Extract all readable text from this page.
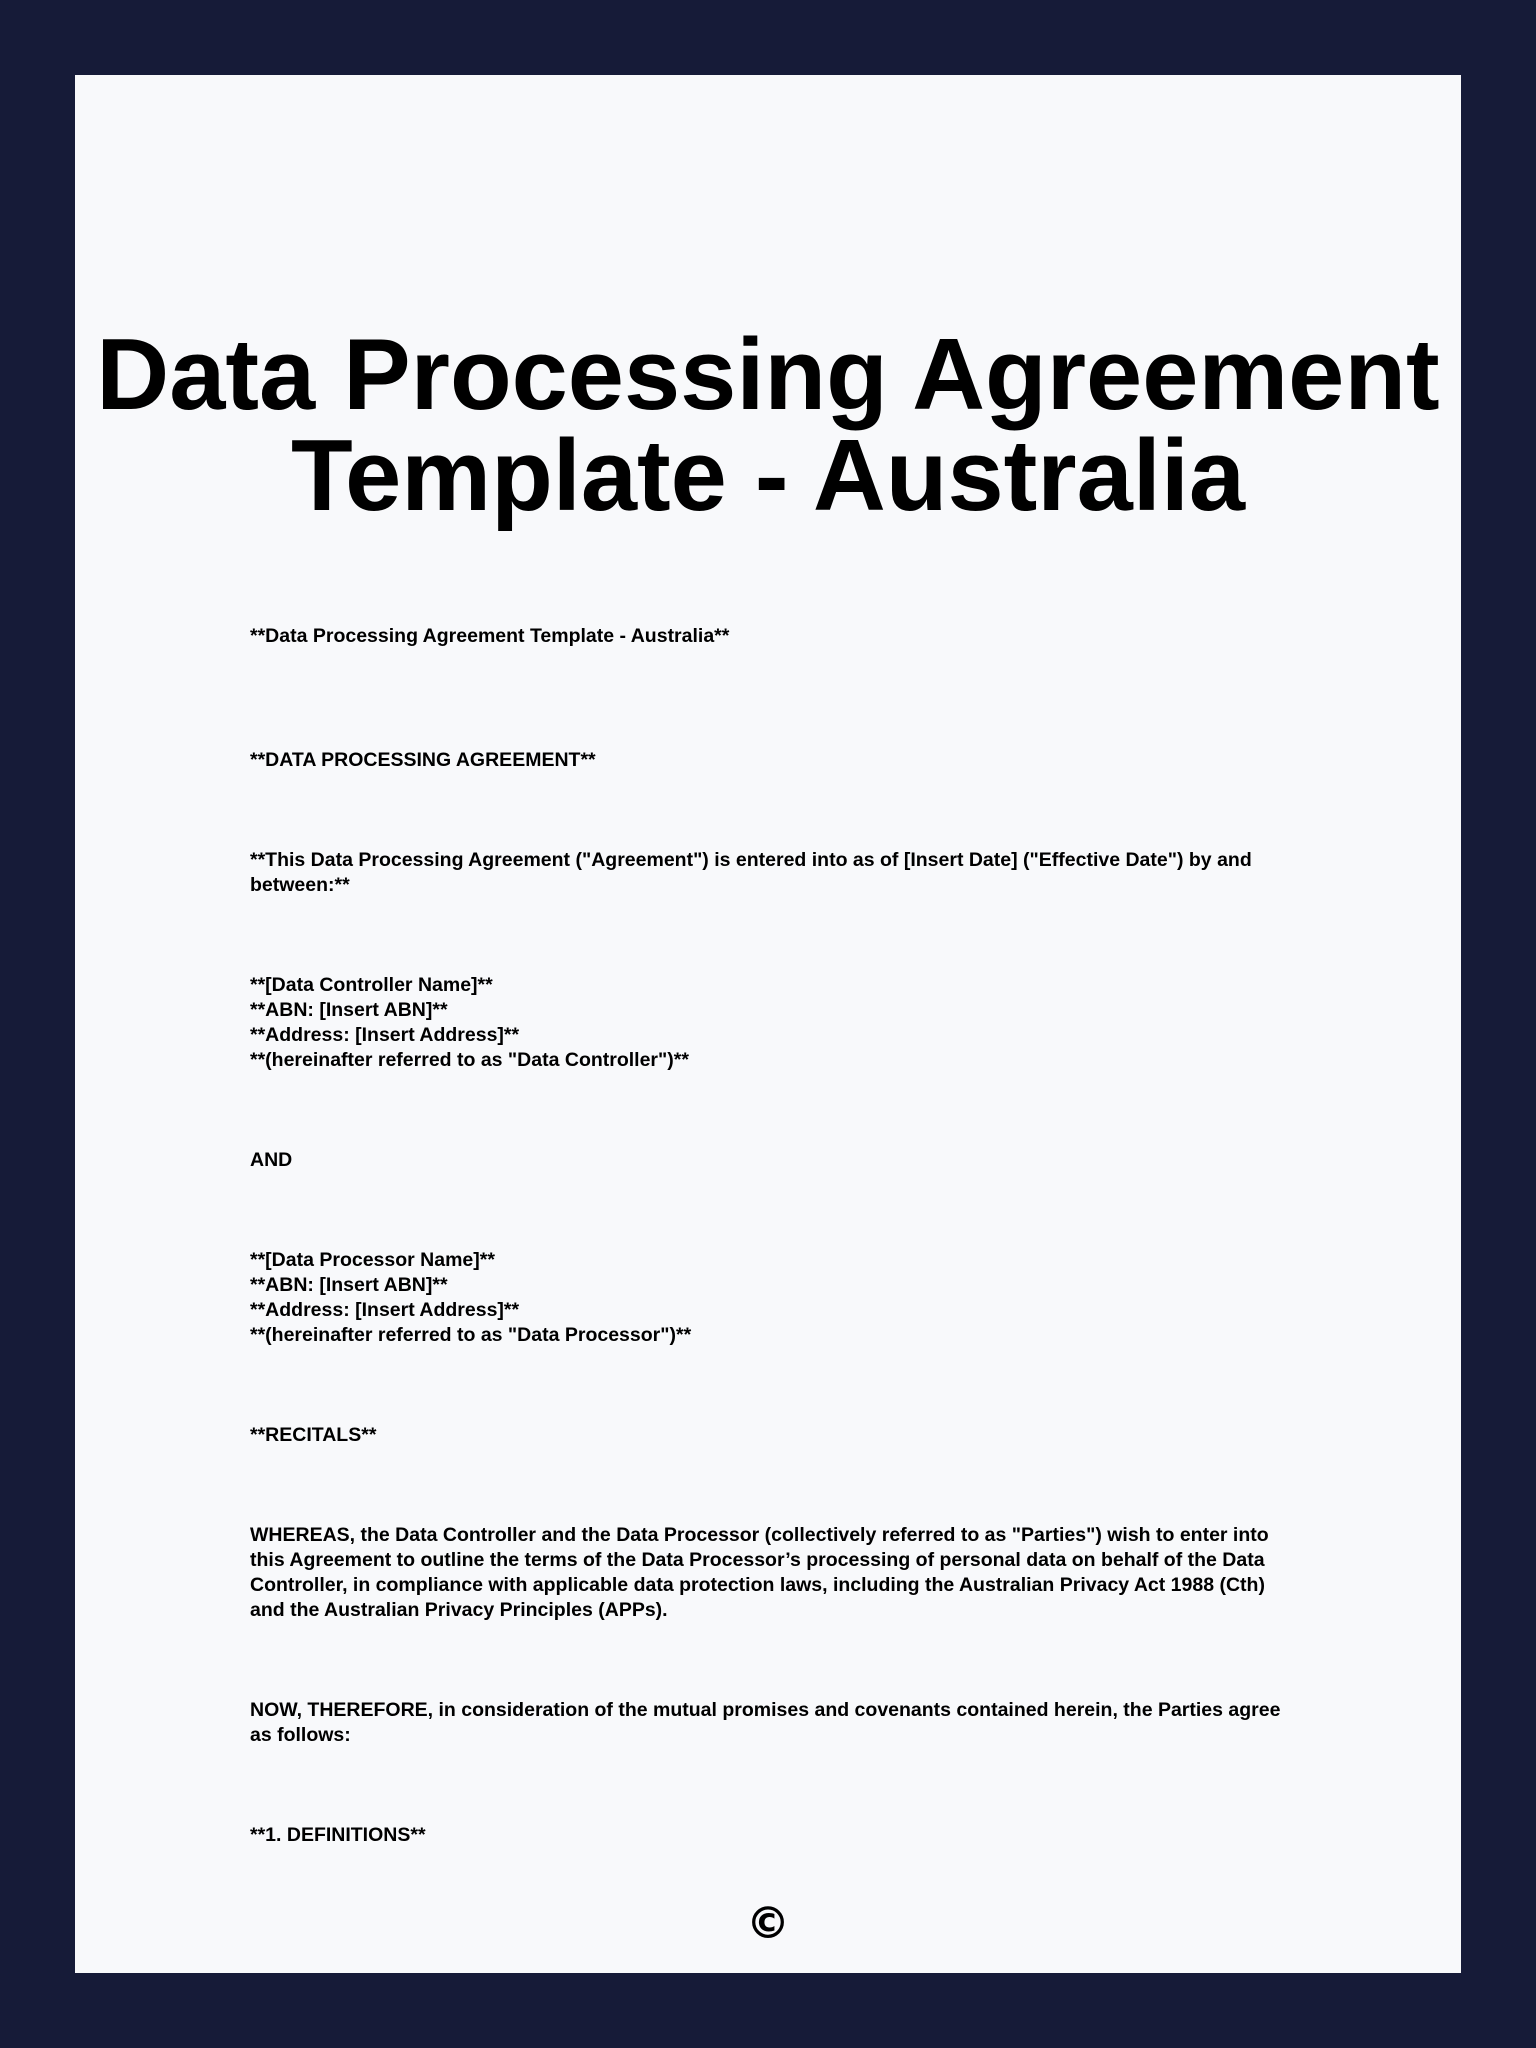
Data Processing Agreement Template - Australia

**Data Processing Agreement Template - Australia**

**DATA PROCESSING AGREEMENT**

**This Data Processing Agreement ("Agreement") is entered into as of [Insert Date] ("Effective Date") by and between:**

**[Data Controller Name]**
**ABN: [Insert ABN]**
**Address: [Insert Address]**
**(hereinafter referred to as "Data Controller")**

AND

**[Data Processor Name]**
**ABN: [Insert ABN]**
**Address: [Insert Address]**
**(hereinafter referred to as "Data Processor")**

**RECITALS**

WHEREAS, the Data Controller and the Data Processor (collectively referred to as "Parties") wish to enter into this Agreement to outline the terms of the Data Processor’s processing of personal data on behalf of the Data Controller, in compliance with applicable data protection laws, including the Australian Privacy Act 1988 (Cth) and the Australian Privacy Principles (APPs).

NOW, THEREFORE, in consideration of the mutual promises and covenants contained herein, the Parties agree as follows:

**1. DEFINITIONS**

©
